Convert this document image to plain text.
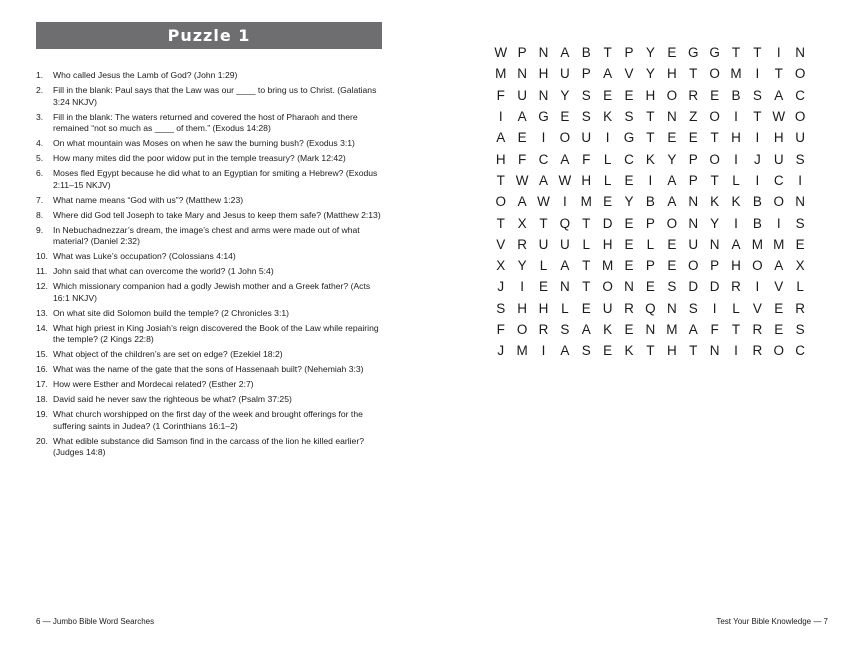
Puzzle 1
1. Who called Jesus the Lamb of God? (John 1:29)
2. Fill in the blank: Paul says that the Law was our ____ to bring us to Christ. (Galatians 3:24 NKJV)
3. Fill in the blank: The waters returned and covered the host of Pharaoh and there remained “not so much as ____ of them.” (Exodus 14:28)
4. On what mountain was Moses on when he saw the burning bush? (Exodus 3:1)
5. How many mites did the poor widow put in the temple treasury? (Mark 12:42)
6. Moses fled Egypt because he did what to an Egyptian for smiting a Hebrew? (Exodus 2:11–15 NKJV)
7. What name means “God with us”? (Matthew 1:23)
8. Where did God tell Joseph to take Mary and Jesus to keep them safe? (Matthew 2:13)
9. In Nebuchadnezzar’s dream, the image’s chest and arms were made out of what material? (Daniel 2:32)
10. What was Luke’s occupation? (Colossians 4:14)
11. John said that what can overcome the world? (1 John 5:4)
12. Which missionary companion had a godly Jewish mother and a Greek father? (Acts 16:1 NKJV)
13. On what site did Solomon build the temple? (2 Chronicles 3:1)
14. What high priest in King Josiah’s reign discovered the Book of the Law while repairing the temple? (2 Kings 22:8)
15. What object of the children’s are set on edge? (Ezekiel 18:2)
16. What was the name of the gate that the sons of Hassenaah built? (Nehemiah 3:3)
17. How were Esther and Mordecai related? (Esther 2:7)
18. David said he never saw the righteous be what? (Psalm 37:25)
19. What church worshipped on the first day of the week and brought offerings for the suffering saints in Judea? (1 Corinthians 16:1–2)
20. What edible substance did Samson find in the carcass of the lion he killed earlier? (Judges 14:8)
6 — Jumbo Bible Word Searches
W P N A B T P Y E G G T T	I	N
M N H U P A V Y H T O M	I	T O
F U N Y S E E H O R E B S A C
I	A G E S K S T N Z O	I	T W O
A E	I	O U	I	G T E E T H	I	H U
H F C A F	L C K Y P O	I	J U S
T W A W H L E	I	A P T	L	I	C	I
O A W I	M E Y B A N K K B O N
T X T Q T D E P O N Y	I	B	I	S
V R U U L H E L E U N A M M E
X Y L A T M E P E O P H O A X
J	I	E N T O N E S D D R	I	V L
S H H L E U R Q N S	I	L V E R
F O R S A K E N M A F T R E S
J M	I	A S E K T H T N	I	R O C
Test Your Bible Knowledge — 7
